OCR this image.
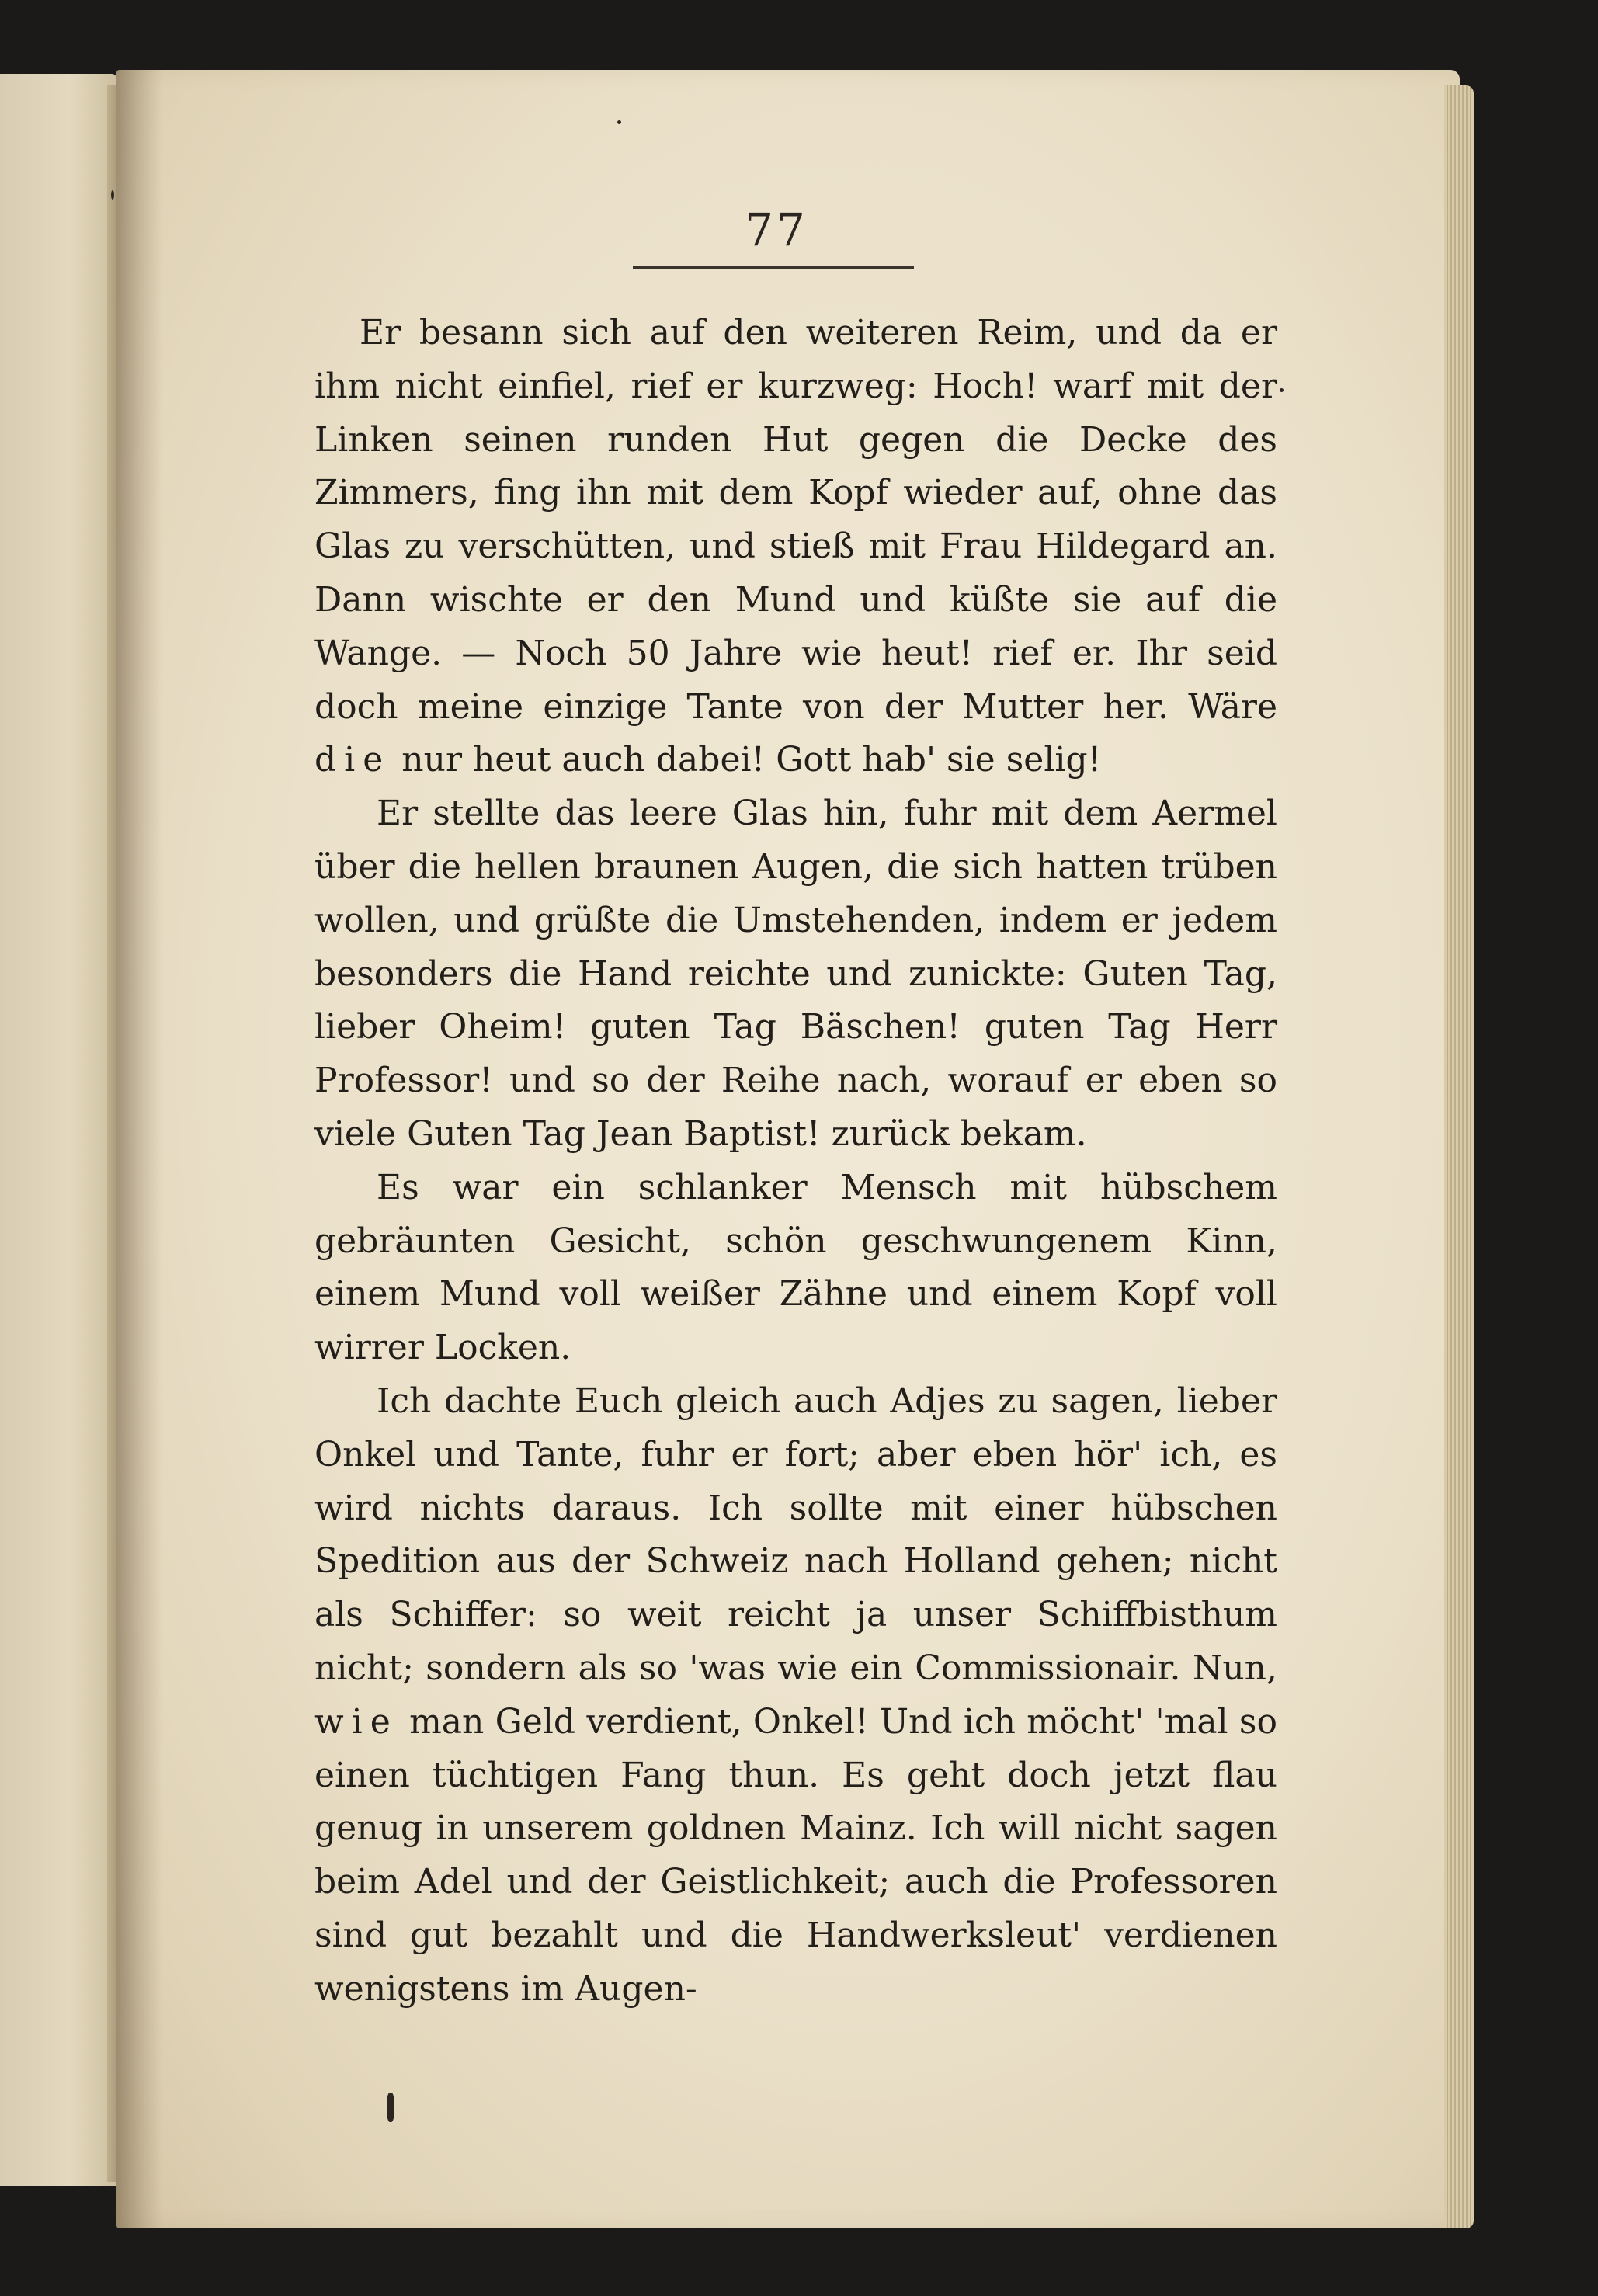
77

Er besann sich auf den weiteren Reim, und da er ihm nicht einfiel, rief er kurzweg: Hoch! warf mit der Linken seinen runden Hut gegen die Decke des Zimmers, fing ihn mit dem Kopf wieder auf, ohne das Glas zu verschütten, und stieß mit Frau Hildegard an. Dann wischte er den Mund und küßte sie auf die Wange. — Noch 50 Jahre wie heut! rief er. Ihr seid doch meine einzige Tante von der Mutter her. Wäre die nur heut auch dabei! Gott hab' sie selig!

Er stellte das leere Glas hin, fuhr mit dem Aermel über die hellen braunen Augen, die sich hatten trüben wollen, und grüßte die Umstehenden, indem er jedem besonders die Hand reichte und zunickte: Guten Tag, lieber Oheim! guten Tag Bäschen! guten Tag Herr Professor! und so der Reihe nach, worauf er eben so viele Guten Tag Jean Baptist! zurück bekam.

Es war ein schlanker Mensch mit hübschem gebräunten Gesicht, schön geschwungenem Kinn, einem Mund voll weißer Zähne und einem Kopf voll wirrer Locken.

Ich dachte Euch gleich auch Adjes zu sagen, lieber Onkel und Tante, fuhr er fort; aber eben hör' ich, es wird nichts daraus. Ich sollte mit einer hübschen Spedition aus der Schweiz nach Holland gehen; nicht als Schiffer: so weit reicht ja unser Schiffbisthum nicht; sondern als so 'was wie ein Commissionair. Nun, wie man Geld verdient, Onkel! Und ich möcht' 'mal so einen tüchtigen Fang thun. Es geht doch jetzt flau genug in unserem goldnen Mainz. Ich will nicht sagen beim Adel und der Geistlichkeit; auch die Professoren sind gut bezahlt und die Handwerksleut' verdienen wenigstens im Augen-
